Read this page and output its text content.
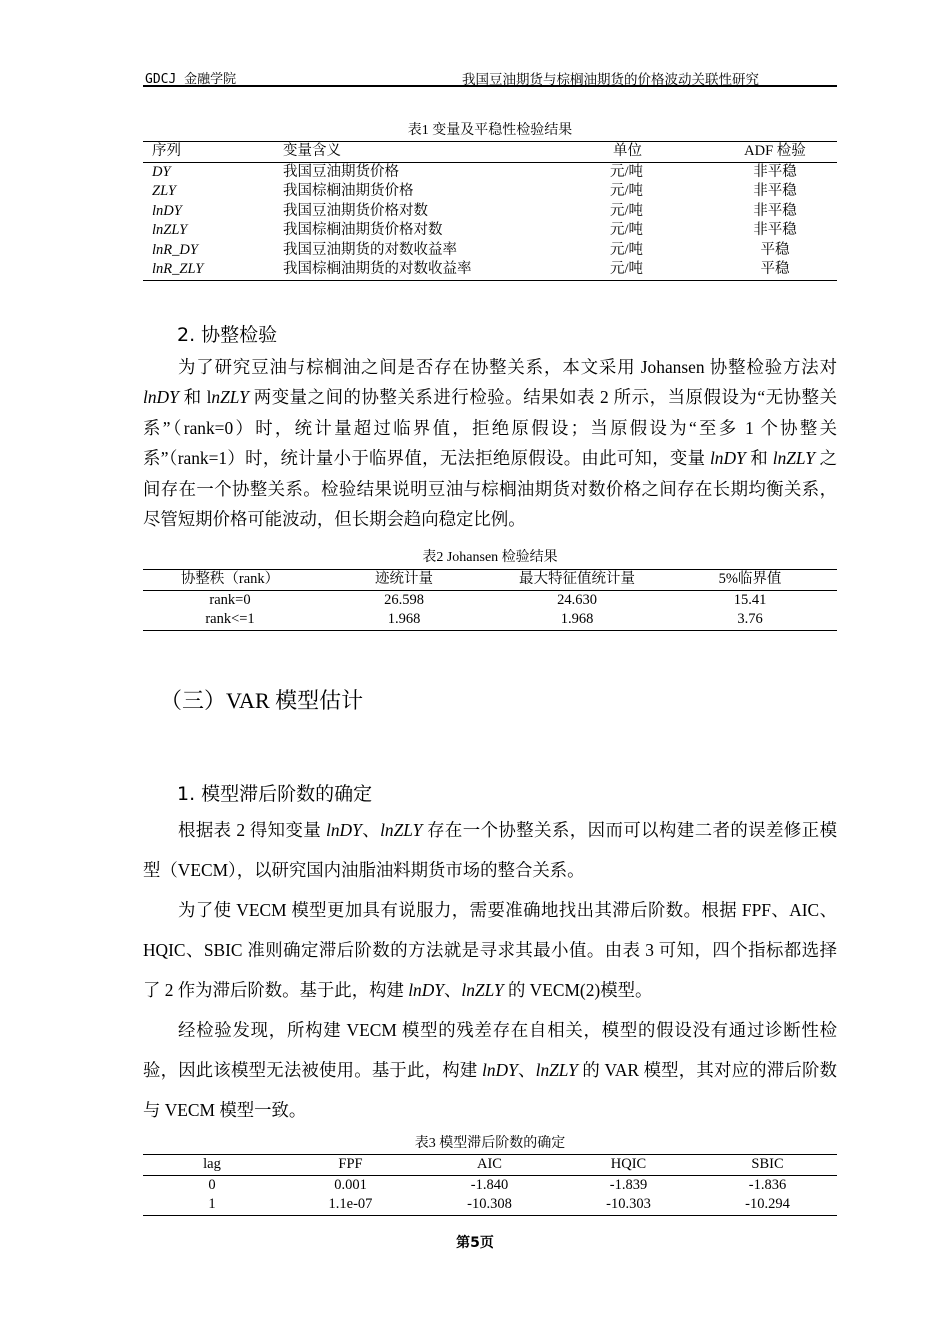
GDCJ 金融学院	我国豆油期货与棕榈油期货的价格波动关联性研究
表1 变量及平稳性检验结果
序列	变量含义	单位	ADF 检验
DY	我国豆油期货价格	元/吨	非平稳
ZLY	我国棕榈油期货价格	元/吨	非平稳
lnDY	我国豆油期货价格对数	元/吨	非平稳
lnZLY	我国棕榈油期货价格对数	元/吨	非平稳
lnR_DY	我国豆油期货的对数收益率	元/吨	平稳
lnR_ZLY	我国棕榈油期货的对数收益率	元/吨	平稳
2. 协整检验
为了研究豆油与棕榈油之间是否存在协整关系，本文采用 Johansen 协整检验方法对 lnDY 和 lnZLY 两变量之间的协整关系进行检验。结果如表 2 所示，当原假设为“无协整关系”（rank=0）时，统计量超过临界值，拒绝原假设；当原假设为“至多 1 个协整关系”（rank=1）时，统计量小于临界值，无法拒绝原假设。由此可知，变量 lnDY 和 lnZLY 之间存在一个协整关系。检验结果说明豆油与棕榈油期货对数价格之间存在长期均衡关系，尽管短期价格可能波动，但长期会趋向稳定比例。
表2 Johansen 检验结果
协整秩（rank）	迹统计量	最大特征值统计量	5%临界值
rank=0	26.598	24.630	15.41
rank<=1	1.968	1.968	3.76
（三）VAR 模型估计
1. 模型滞后阶数的确定
根据表 2 得知变量 lnDY、lnZLY 存在一个协整关系，因而可以构建二者的误差修正模型（VECM），以研究国内油脂油料期货市场的整合关系。
为了使 VECM 模型更加具有说服力，需要准确地找出其滞后阶数。根据 FPF、AIC、HQIC、SBIC 准则确定滞后阶数的方法就是寻求其最小值。由表 3 可知，四个指标都选择了 2 作为滞后阶数。基于此，构建 lnDY、lnZLY 的 VECM(2)模型。
经检验发现，所构建 VECM 模型的残差存在自相关，模型的假设没有通过诊断性检验，因此该模型无法被使用。基于此，构建 lnDY、lnZLY 的 VAR 模型，其对应的滞后阶数与 VECM 模型一致。
表3 模型滞后阶数的确定
lag	FPF	AIC	HQIC	SBIC
0	0.001	-1.840	-1.839	-1.836
1	1.1e-07	-10.308	-10.303	-10.294
第5页
